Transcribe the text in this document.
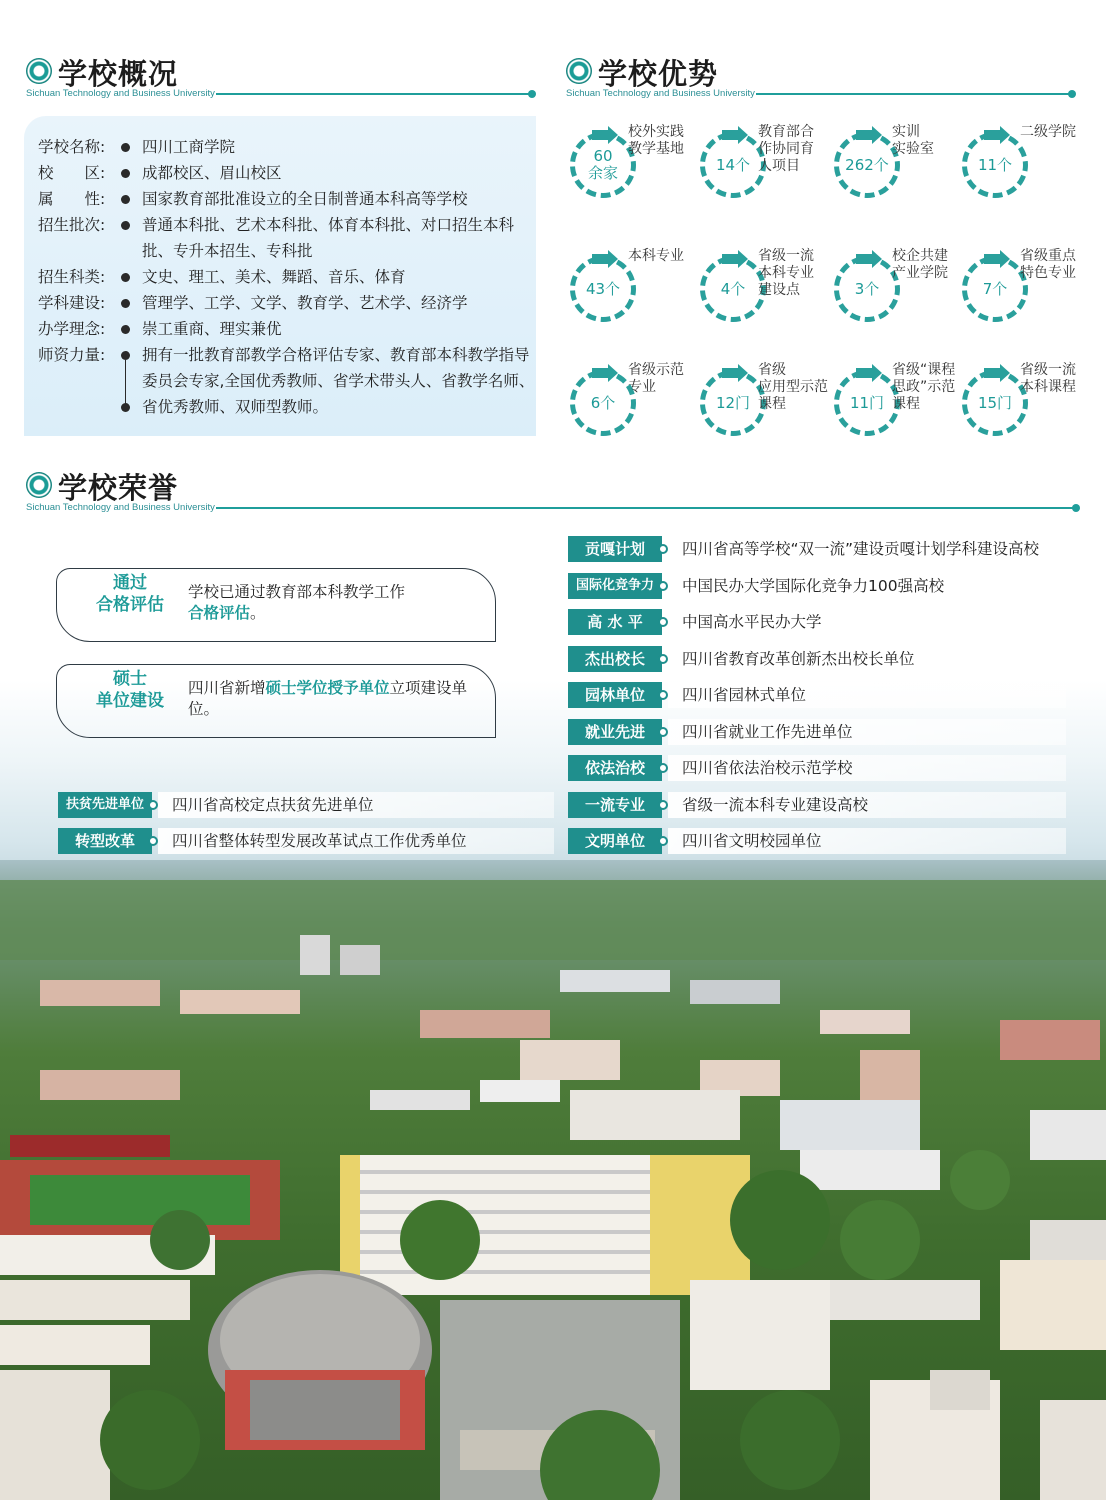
学校概况
Sichuan Technology and Business University
学校名称:	四川工商学院
校　　区:	成都校区、眉山校区
属　　性:	国家教育部批准设立的全日制普通本科高等学校
招生批次:	普通本科批、艺术本科批、体育本科批、对口招生本科批、专升本招生、专科批
招生科类:	文史、理工、美术、舞蹈、音乐、体育
学科建设:	管理学、工学、文学、教育学、艺术学、经济学
办学理念:	崇工重商、理实兼优
师资力量:	拥有一批教育部教学合格评估专家、教育部本科教学指导委员会专家,全国优秀教师、省学术带头人、省教学名师、省优秀教师、双师型教师。
学校优势
Sichuan Technology and Business University
60
余家
校外实践
教学基地
14个
教育部合
作协同育
人项目	262个
实训
实验室
11个
二级学院
43个
本科专业
4个
省级一流
本科专业
建设点	3个
校企共建
产业学院
7个
省级重点
特色专业
6个
省级示范
专业
12门
省级
应用型示范
课程	11门
省级“课程
思政”示范
课程	15门
省级一流
本科课程
学校荣誉
Sichuan Technology and Business University
通过
合格评估
学校已通过教育部本科教学工作
合格评估。
硕士
单位建设
四川省新增硕士学位授予单位立项建设单位。
扶贫先进单位	四川省高校定点扶贫先进单位
转型改革	四川省整体转型发展改革试点工作优秀单位
贡嘎计划	四川省高等学校“双一流”建设贡嘎计划学科建设高校
国际化竞争力	中国民办大学国际化竞争力100强高校
高 水 平	中国高水平民办大学
杰出校长	四川省教育改革创新杰出校长单位
园林单位	四川省园林式单位
就业先进	四川省就业工作先进单位
依法治校	四川省依法治校示范学校
一流专业	省级一流本科专业建设高校
文明单位	四川省文明校园单位
